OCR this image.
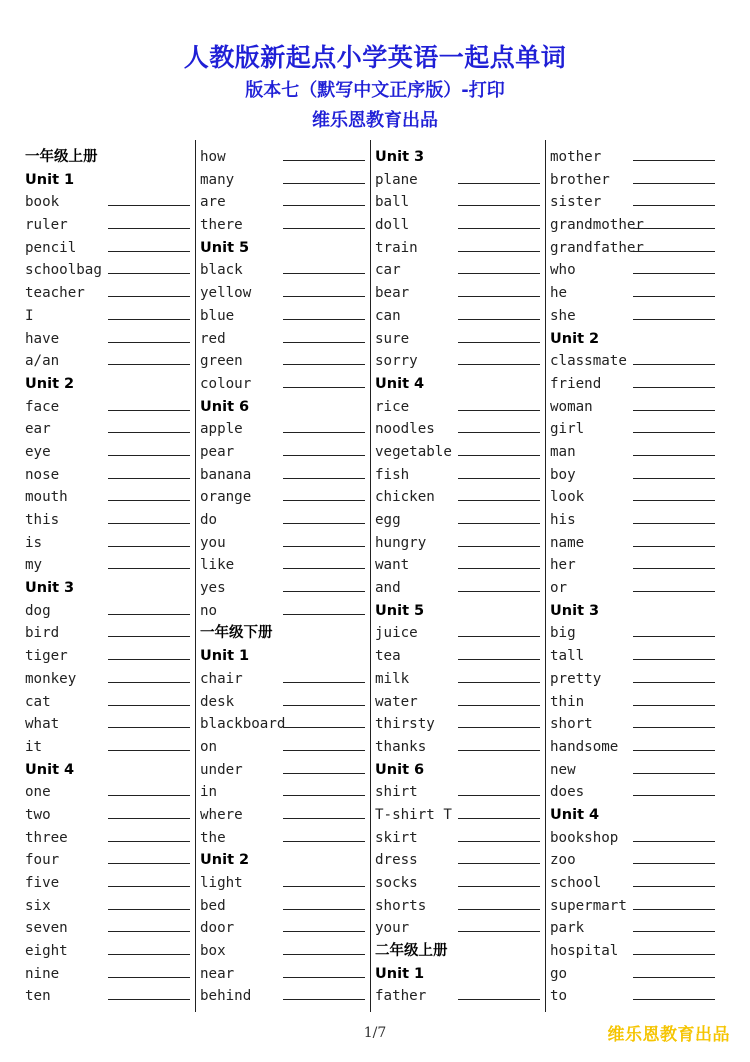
人教版新起点小学英语一起点单词
版本七（默写中文正序版）-打印
维乐恩教育出品
一年级上册
Unit 1
book
ruler
pencil
schoolbag
teacher
I
have
a/an
Unit 2
face
ear
eye
nose
mouth
this
is
my
Unit 3
dog
bird
tiger
monkey
cat
what
it
Unit 4
one
two
three
four
five
six
seven
eight
nine
ten
how
many
are
there
Unit 5
black
yellow
blue
red
green
colour
Unit 6
apple
pear
banana
orange
do
you
like
yes
no
一年级下册
Unit 1
chair
desk
blackboard
on
under
in
where
the
Unit 2
light
bed
door
box
near
behind
Unit 3
plane
ball
doll
train
car
bear
can
sure
sorry
Unit 4
rice
noodles
vegetable
fish
chicken
egg
hungry
want
and
Unit 5
juice
tea
milk
water
thirsty
thanks
Unit 6
shirt
T-shirt T
skirt
dress
socks
shorts
your
二年级上册
Unit 1
father
mother
brother
sister
grandmother
grandfather
who
he
she
Unit 2
classmate
friend
woman
girl
man
boy
look
his
name
her
or
Unit 3
big
tall
pretty
thin
short
handsome
new
does
Unit 4
bookshop
zoo
school
supermart
park
hospital
go
to
1/7	维乐恩教育出品
